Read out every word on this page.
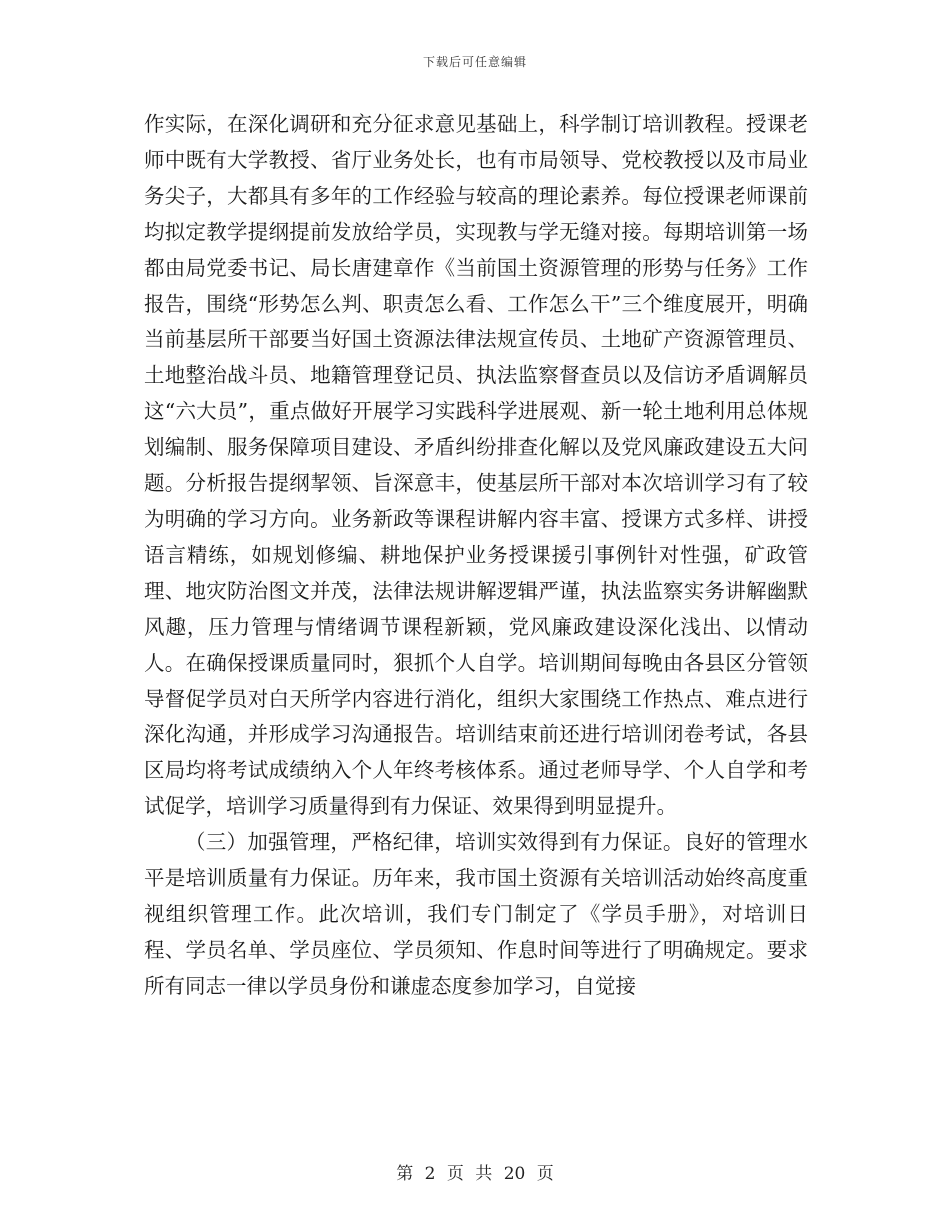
下载后可任意编辑

作实际，在深化调研和充分征求意见基础上，科学制订培训教程。授课老师中既有大学教授、省厅业务处长，也有市局领导、党校教授以及市局业务尖子，大都具有多年的工作经验与较高的理论素养。每位授课老师课前均拟定教学提纲提前发放给学员，实现教与学无缝对接。每期培训第一场都由局党委书记、局长唐建章作《当前国土资源管理的形势与任务》工作报告，围绕“形势怎么判、职责怎么看、工作怎么干”三个维度展开，明确当前基层所干部要当好国土资源法律法规宣传员、土地矿产资源管理员、土地整治战斗员、地籍管理登记员、执法监察督查员以及信访矛盾调解员这“六大员”，重点做好开展学习实践科学进展观、新一轮土地利用总体规划编制、服务保障项目建设、矛盾纠纷排查化解以及党风廉政建设五大问题。分析报告提纲挈领、旨深意丰，使基层所干部对本次培训学习有了较为明确的学习方向。业务新政等课程讲解内容丰富、授课方式多样、讲授语言精练，如规划修编、耕地保护业务授课援引事例针对性强，矿政管理、地灾防治图文并茂，法律法规讲解逻辑严谨，执法监察实务讲解幽默风趣，压力管理与情绪调节课程新颖，党风廉政建设深化浅出、以情动人。在确保授课质量同时，狠抓个人自学。培训期间每晚由各县区分管领导督促学员对白天所学内容进行消化，组织大家围绕工作热点、难点进行深化沟通，并形成学习沟通报告。培训结束前还进行培训闭卷考试，各县区局均将考试成绩纳入个人年终考核体系。通过老师导学、个人自学和考试促学，培训学习质量得到有力保证、效果得到明显提升。

（三）加强管理，严格纪律，培训实效得到有力保证。良好的管理水平是培训质量有力保证。历年来，我市国土资源有关培训活动始终高度重视组织管理工作。此次培训，我们专门制定了《学员手册》，对培训日程、学员名单、学员座位、学员须知、作息时间等进行了明确规定。要求所有同志一律以学员身份和谦虚态度参加学习，自觉接

第 2 页 共 20 页
